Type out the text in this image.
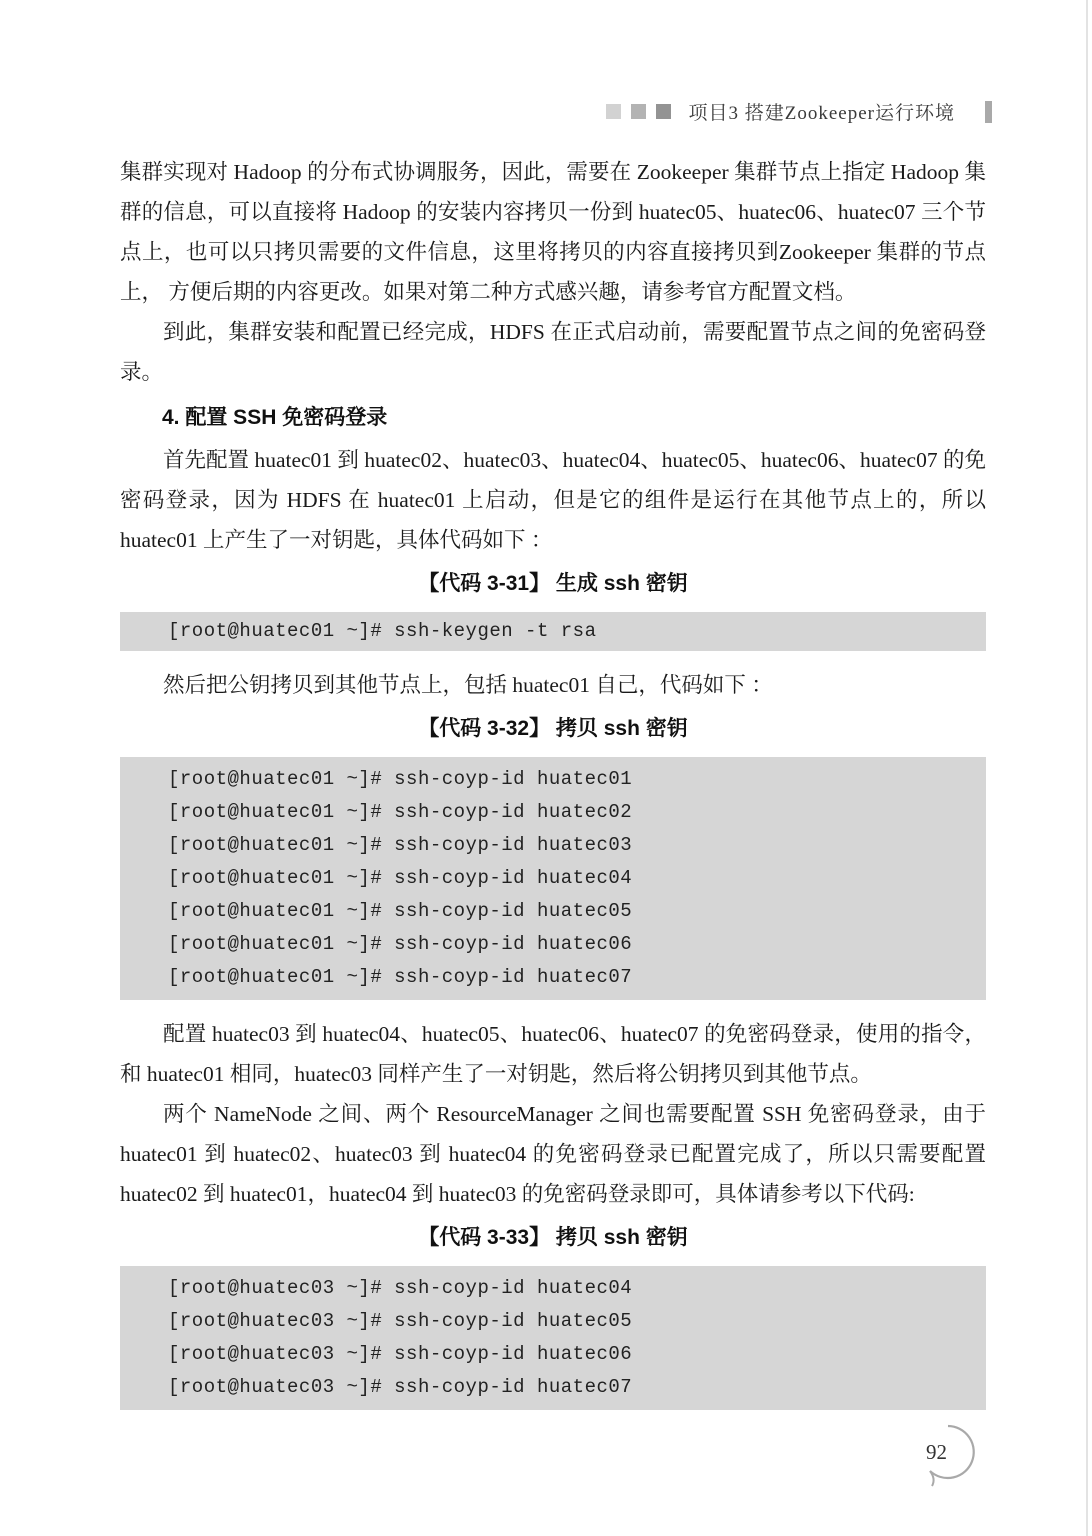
项目3 搭建Zookeeper运行环境

集群实现对 Hadoop 的分布式协调服务，因此，需要在 Zookeeper 集群节点上指定 Hadoop 集群的信息，可以直接将 Hadoop 的安装内容拷贝一份到 huatec05、huatec06、huatec07 三个节点上，也可以只拷贝需要的文件信息，这里将拷贝的内容直接拷贝到Zookeeper 集群的节点上， 方便后期的内容更改。如果对第二种方式感兴趣，请参考官方配置文档。

到此，集群安装和配置已经完成，HDFS 在正式启动前，需要配置节点之间的免密码登录。

4. 配置 SSH 免密码登录

首先配置 huatec01 到 huatec02、huatec03、huatec04、huatec05、huatec06、huatec07 的免密码登录，因为 HDFS 在 huatec01 上启动，但是它的组件是运行在其他节点上的，所以 huatec01 上产生了一对钥匙，具体代码如下 ：

【代码 3-31】 生成 ssh 密钥
[root@huatec01 ~]# ssh-keygen -t rsa

然后把公钥拷贝到其他节点上，包括 huatec01 自己，代码如下 ：

【代码 3-32】 拷贝 ssh 密钥
[root@huatec01 ~]# ssh-coyp-id huatec01
[root@huatec01 ~]# ssh-coyp-id huatec02
[root@huatec01 ~]# ssh-coyp-id huatec03
[root@huatec01 ~]# ssh-coyp-id huatec04
[root@huatec01 ~]# ssh-coyp-id huatec05
[root@huatec01 ~]# ssh-coyp-id huatec06
[root@huatec01 ~]# ssh-coyp-id huatec07

配置 huatec03 到 huatec04、huatec05、huatec06、huatec07 的免密码登录，使用的指令， 和 huatec01 相同，huatec03 同样产生了一对钥匙，然后将公钥拷贝到其他节点。

两个 NameNode 之间、两个 ResourceManager 之间也需要配置 SSH 免密码登录，由于 huatec01 到 huatec02、huatec03 到 huatec04 的免密码登录已配置完成了，所以只需要配置 huatec02 到 huatec01，huatec04 到 huatec03 的免密码登录即可，具体请参考以下代码:

【代码 3-33】 拷贝 ssh 密钥
[root@huatec03 ~]# ssh-coyp-id huatec04
[root@huatec03 ~]# ssh-coyp-id huatec05
[root@huatec03 ~]# ssh-coyp-id huatec06
[root@huatec03 ~]# ssh-coyp-id huatec07
92
